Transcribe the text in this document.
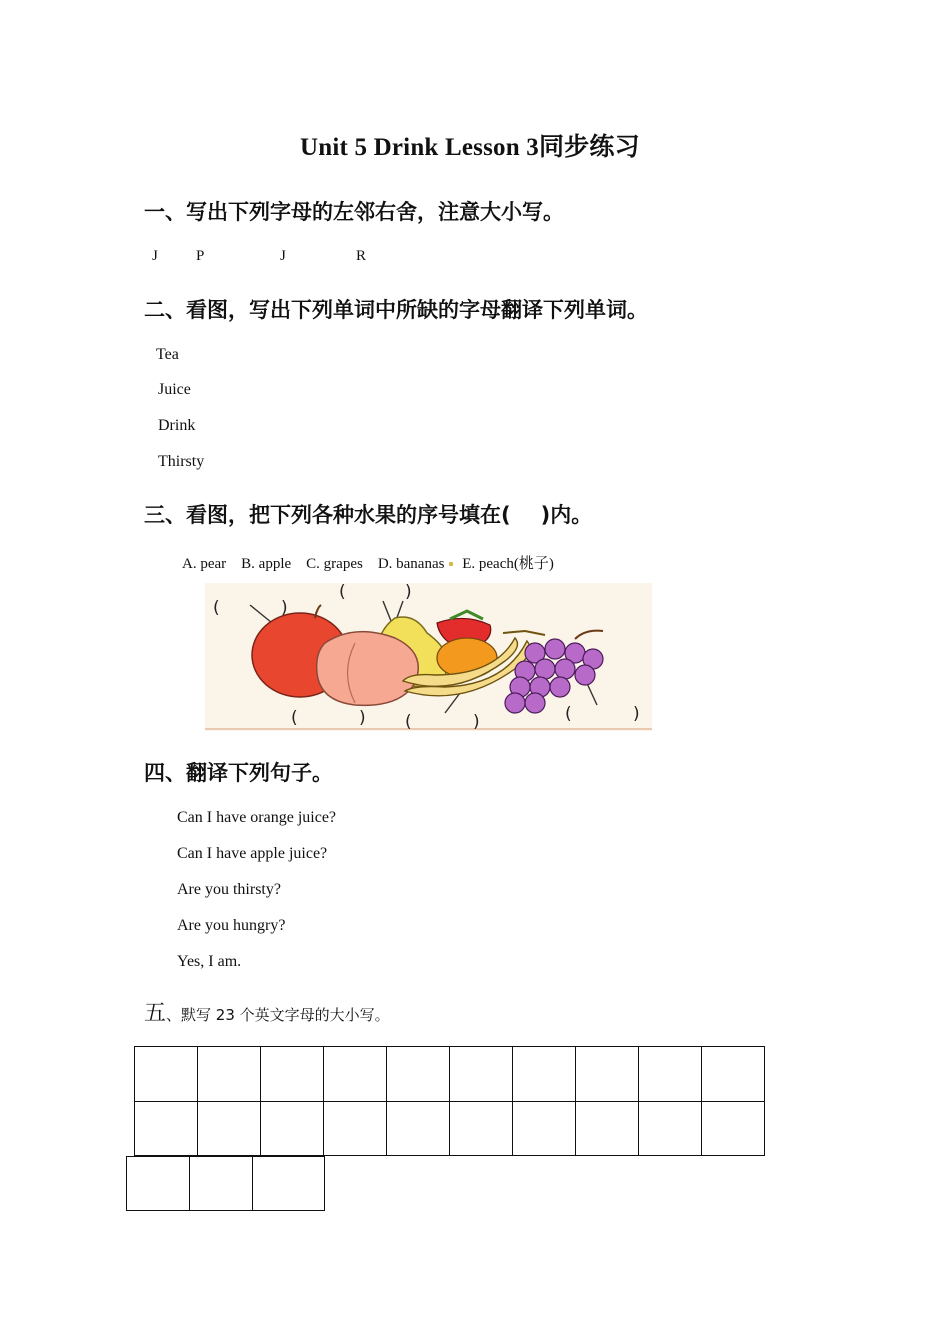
Unit 5 Drink Lesson 3同步练习
一、写出下列字母的左邻右舍，注意大小写。
J	P	J	R
二、看图，写出下列单词中所缺的字母翻译下列单词。
Tea
Juice
Drink
Thirsty
三、看图，把下列各种水果的序号填在( )内。
A. pear B. apple C. grapes D. bananas E. peach(桃子)
(	)
(	)
(	) (	)	(	)
四、翻译下列句子。
Can I have orange juice?
Can I have apple juice?
Are you thirsty?
Are you hungry?
Yes, I am.
五、默写 23 个英文字母的大小写。
